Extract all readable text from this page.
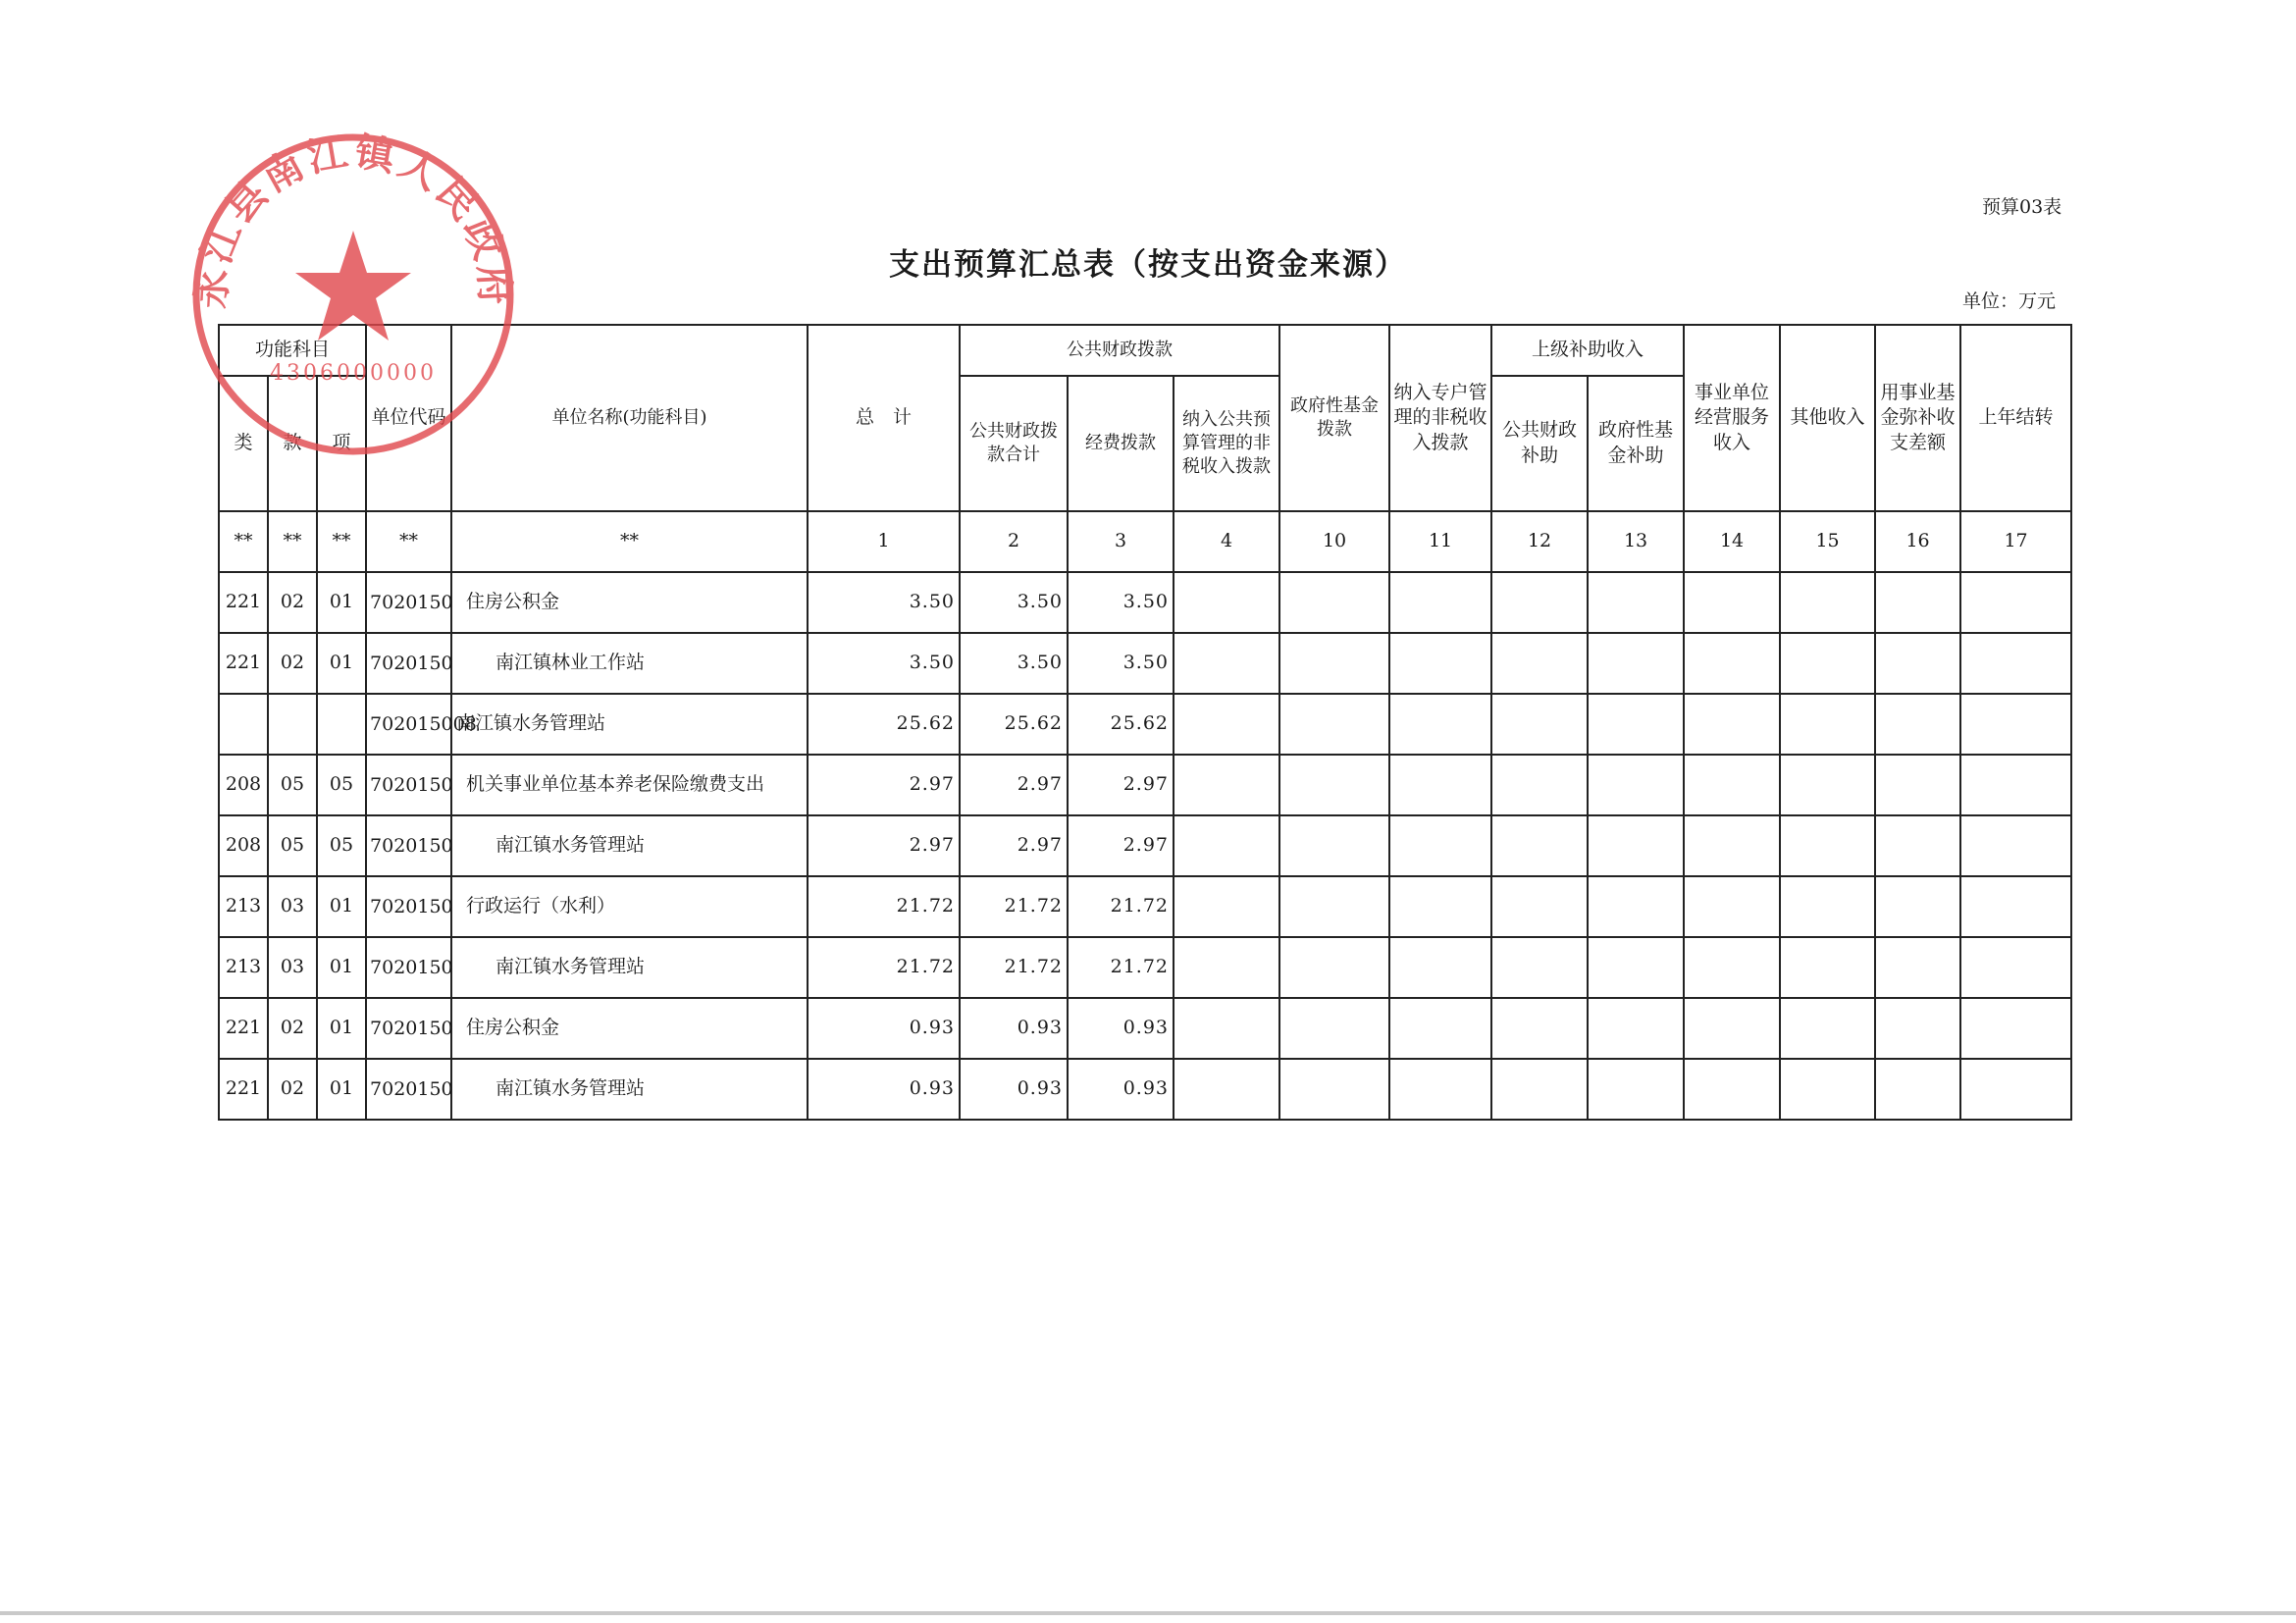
预算03表
支出预算汇总表（按支出资金来源）
单位：万元
功能科目			单位代码	单位名称(功能科目)	总　计	公共财政拨款			政府性基金拨款	纳入专户管理的非税收入拨款	上级补助收入		事业单位经营服务收入	其他收入	用事业基金弥补收支差额	上年结转
类	款	项				公共财政拨款合计	经费拨款	纳入公共预算管理的非税收入拨款			公共财政补助	政府性基金补助				
**	**	**	**	**	1	2	3	4	10	11	12	13	14	15	16	17
221	02	01	7020150	住房公积金	3.50	3.50	3.50									
221	02	01	7020150	南江镇林业工作站	3.50	3.50	3.50									
			702015008	南江镇水务管理站	25.62	25.62	25.62									
208	05	05	7020150	机关事业单位基本养老保险缴费支出	2.97	2.97	2.97									
208	05	05	7020150	南江镇水务管理站	2.97	2.97	2.97									
213	03	01	7020150	行政运行（水利）	21.72	21.72	21.72									
213	03	01	7020150	南江镇水务管理站	21.72	21.72	21.72									
221	02	01	7020150	住房公积金	0.93	0.93	0.93									
221	02	01	7020150	南江镇水务管理站	0.93	0.93	0.93									
永江县南江镇人民政府
4306000000
